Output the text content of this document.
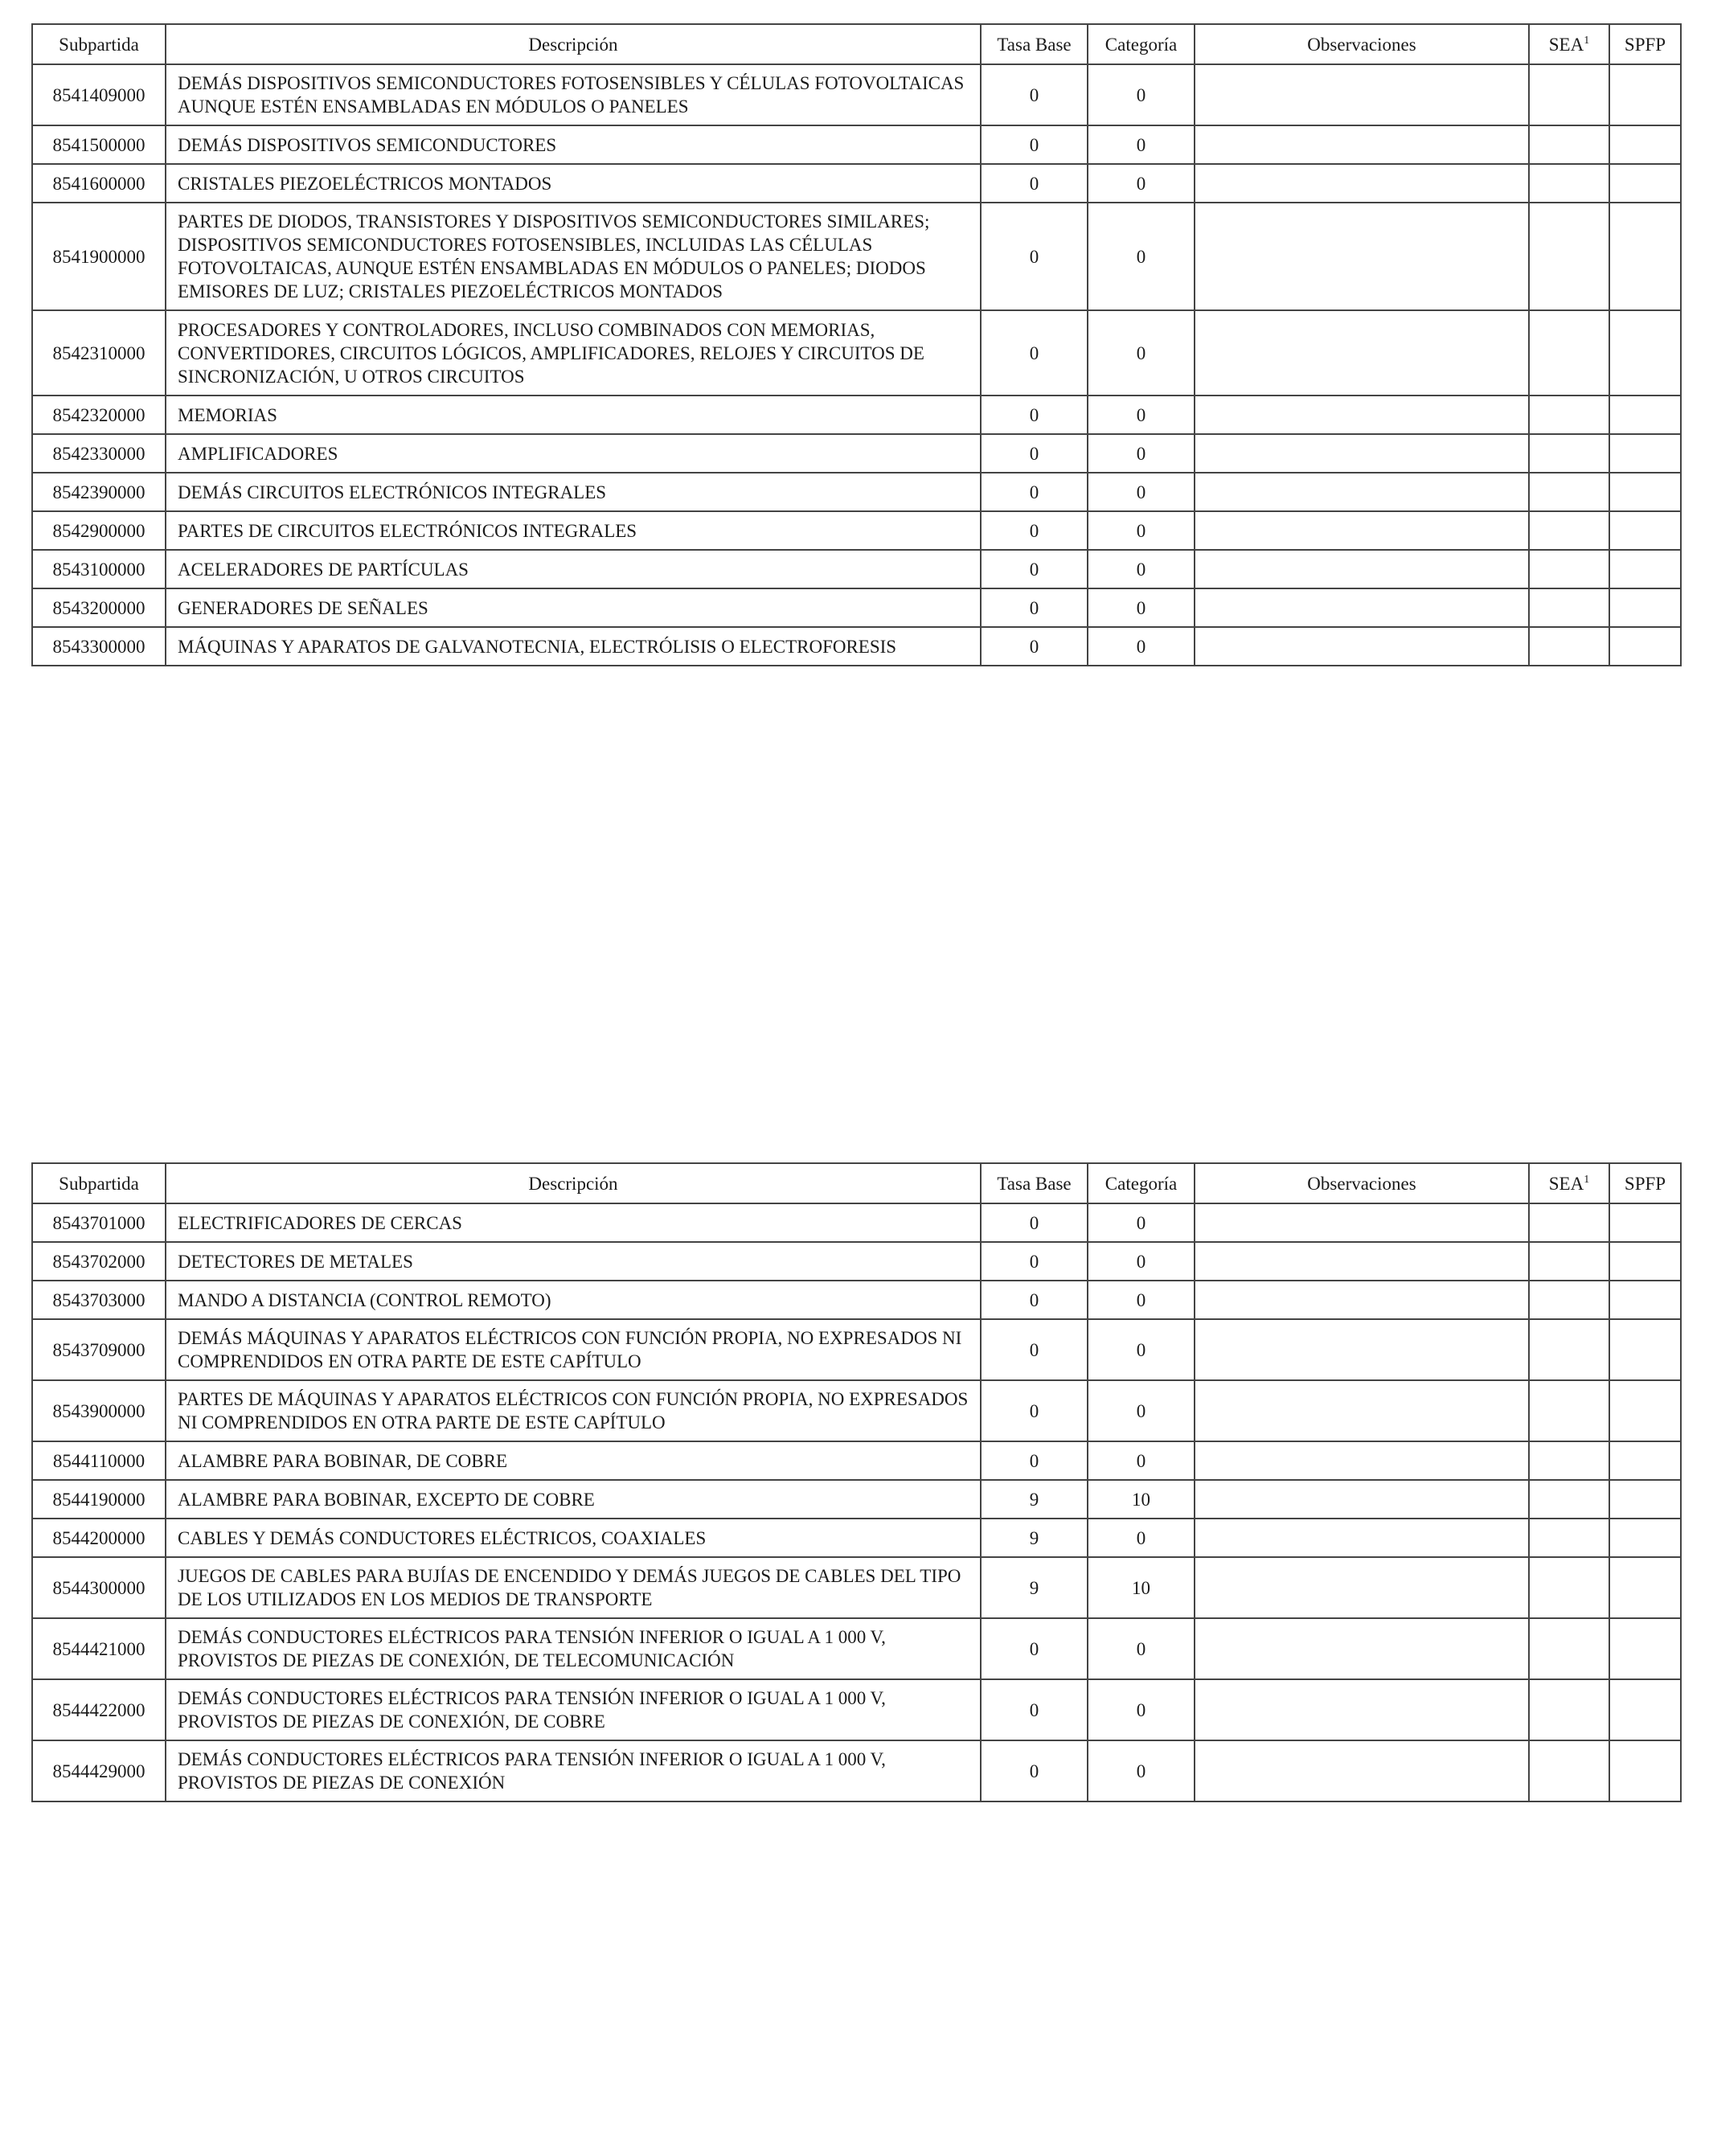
Subpartida	Descripción	Tasa Base	Categoría	Observaciones	SEA$^1$	SPFP
8541409000	DEMÁS DISPOSITIVOS SEMICONDUCTORES FOTOSENSIBLES Y CÉLULAS FOTOVOLTAICAS AUNQUE ESTÉN ENSAMBLADAS EN MÓDULOS O PANELES	0	0			
8541500000	DEMÁS DISPOSITIVOS SEMICONDUCTORES	0	0			
8541600000	CRISTALES PIEZOELÉCTRICOS MONTADOS	0	0			
8541900000	PARTES DE DIODOS, TRANSISTORES Y DISPOSITIVOS SEMICONDUCTORES SIMILARES; DISPOSITIVOS SEMICONDUCTORES FOTOSENSIBLES, INCLUIDAS LAS CÉLULAS FOTOVOLTAICAS, AUNQUE ESTÉN ENSAMBLADAS EN MÓDULOS O PANELES; DIODOS EMISORES DE LUZ; CRISTALES PIEZOELÉCTRICOS MONTADOS	0	0			
8542310000	PROCESADORES Y CONTROLADORES, INCLUSO COMBINADOS CON MEMORIAS, CONVERTIDORES, CIRCUITOS LÓGICOS, AMPLIFICADORES, RELOJES Y CIRCUITOS DE SINCRONIZACIÓN, U OTROS CIRCUITOS	0	0			
8542320000	MEMORIAS	0	0			
8542330000	AMPLIFICADORES	0	0			
8542390000	DEMÁS CIRCUITOS ELECTRÓNICOS INTEGRALES	0	0			
8542900000	PARTES DE CIRCUITOS ELECTRÓNICOS INTEGRALES	0	0			
8543100000	ACELERADORES DE PARTÍCULAS	0	0			
8543200000	GENERADORES DE SEÑALES	0	0			
8543300000	MÁQUINAS Y APARATOS DE GALVANOTECNIA, ELECTRÓLISIS O ELECTROFORESIS	0	0			
Subpartida	Descripción	Tasa Base	Categoría	Observaciones	SEA$^1$	SPFP
8543701000	ELECTRIFICADORES DE CERCAS	0	0			
8543702000	DETECTORES DE METALES	0	0			
8543703000	MANDO A DISTANCIA (CONTROL REMOTO)	0	0			
8543709000	DEMÁS MÁQUINAS Y APARATOS ELÉCTRICOS CON FUNCIÓN PROPIA, NO EXPRESADOS NI COMPRENDIDOS EN OTRA PARTE DE ESTE CAPÍTULO	0	0			
8543900000	PARTES DE MÁQUINAS Y APARATOS ELÉCTRICOS CON FUNCIÓN PROPIA, NO EXPRESADOS NI COMPRENDIDOS EN OTRA PARTE DE ESTE CAPÍTULO	0	0			
8544110000	ALAMBRE PARA BOBINAR, DE COBRE	0	0			
8544190000	ALAMBRE PARA BOBINAR, EXCEPTO DE COBRE	9	10			
8544200000	CABLES Y DEMÁS CONDUCTORES ELÉCTRICOS, COAXIALES	9	0			
8544300000	JUEGOS DE CABLES PARA BUJÍAS DE ENCENDIDO Y DEMÁS JUEGOS DE CABLES DEL TIPO DE LOS UTILIZADOS EN LOS MEDIOS DE TRANSPORTE	9	10			
8544421000	DEMÁS CONDUCTORES ELÉCTRICOS PARA TENSIÓN INFERIOR O IGUAL A 1 000 V, PROVISTOS DE PIEZAS DE CONEXIÓN, DE TELECOMUNICACIÓN	0	0			
8544422000	DEMÁS CONDUCTORES ELÉCTRICOS PARA TENSIÓN INFERIOR O IGUAL A 1 000 V, PROVISTOS DE PIEZAS DE CONEXIÓN, DE COBRE	0	0			
8544429000	DEMÁS CONDUCTORES ELÉCTRICOS PARA TENSIÓN INFERIOR O IGUAL A 1 000 V, PROVISTOS DE PIEZAS DE CONEXIÓN	0	0			
